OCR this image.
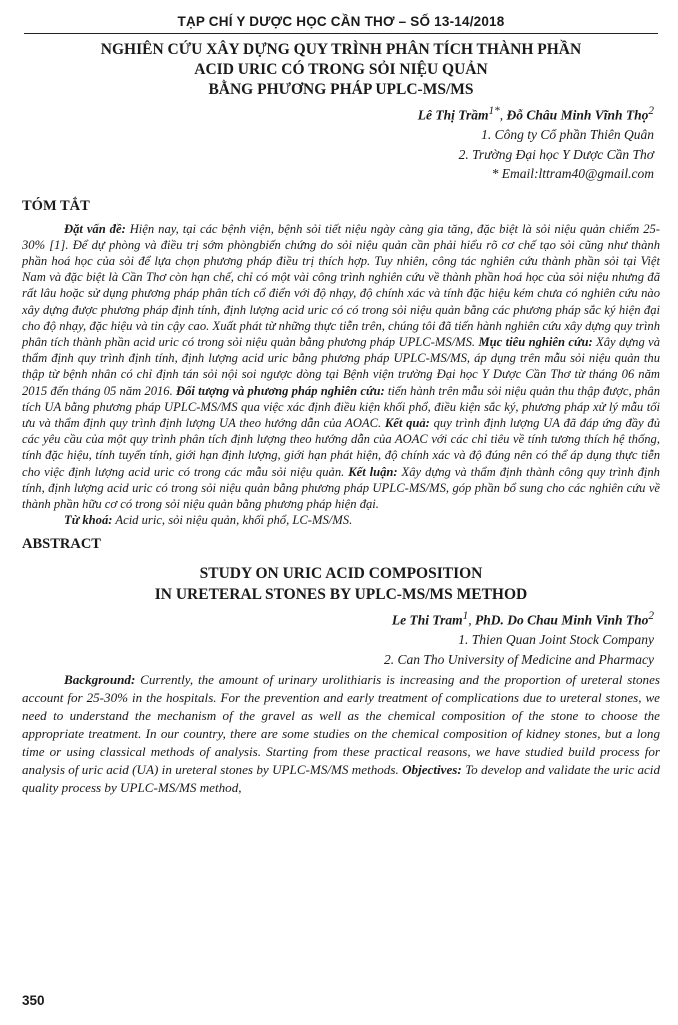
TẠP CHÍ Y DƯỢC HỌC CẦN THƠ – SỐ 13-14/2018
NGHIÊN CỨU XÂY DỰNG QUY TRÌNH PHÂN TÍCH THÀNH PHẦN
ACID URIC CÓ TRONG SỎI NIỆU QUẢN
BẰNG PHƯƠNG PHÁP UPLC-MS/MS
Lê Thị Trầm$^{1*}$, Đỗ Châu Minh Vĩnh Thọ$^2$
1. Công ty Cổ phần Thiên Quân
2. Trường Đại học Y Dược Cần Thơ
* Email:lttram40@gmail.com
TÓM TẮT
Đặt vấn đề: Hiện nay, tại các bệnh viện, bệnh sỏi tiết niệu ngày càng gia tăng, đặc biệt là sỏi niệu quản chiếm 25-30% [1]. Để dự phòng và điều trị sớm phòngbiến chứng do sỏi niệu quản cần phải hiểu rõ cơ chế tạo sỏi cũng như thành phần hoá học của sỏi để lựa chọn phương pháp điều trị thích hợp. Tuy nhiên, công tác nghiên cứu thành phần sỏi tại Việt Nam và đặc biệt là Cần Thơ còn hạn chế, chỉ có một vài công trình nghiên cứu về thành phần hoá học của sỏi niệu nhưng đã rất lâu hoặc sử dụng phương pháp phân tích cổ điển với độ nhạy, độ chính xác và tính đặc hiệu kém chưa có nghiên cứu nào xây dựng được phương pháp định tính, định lượng acid uric có có trong sỏi niệu quản bằng các phương pháp sắc ký hiện đại cho độ nhạy, đặc hiệu và tin cậy cao. Xuất phát từ những thực tiễn trên, chúng tôi đã tiến hành nghiên cứu xây dựng quy trình phân tích thành phần acid uric có trong sỏi niệu quản bằng phương pháp UPLC-MS/MS. Mục tiêu nghiên cứu: Xây dựng và thẩm định quy trình định tính, định lượng acid uric bằng phương pháp UPLC-MS/MS, áp dụng trên mẫu sỏi niệu quản thu thập từ bệnh nhân có chỉ định tán sỏi nội soi ngược dòng tại Bệnh viện trường Đại học Y Dược Cần Thơ từ tháng 06 năm 2015 đến tháng 05 năm 2016. Đối tượng và phương pháp nghiên cứu: tiến hành trên mẫu sỏi niệu quản thu thập được, phân tích UA bằng phương pháp UPLC-MS/MS qua việc xác định điều kiện khối phổ, điều kiện sắc ký, phương pháp xử lý mẫu tối ưu và thẩm định quy trình định lượng UA theo hướng dẫn của AOAC. Kết quả: quy trình định lượng UA đã đáp ứng đầy đủ các yêu cầu của một quy trình phân tích định lượng theo hướng dẫn của AOAC với các chỉ tiêu về tính tương thích hệ thống, tính đặc hiệu, tính tuyến tính, giới hạn định lượng, giới hạn phát hiện, độ chính xác và độ đúng nên có thể áp dụng thực tiễn cho việc định lượng acid uric có trong các mẫu sỏi niệu quản. Kết luận: Xây dựng và thẩm định thành công quy trình định tính, định lượng acid uric có trong sỏi niệu quản bằng phương pháp UPLC-MS/MS, góp phần bổ sung cho các nghiên cứu về thành phần hữu cơ có trong sỏi niệu quản bằng phương pháp hiện đại.
Từ khoá: Acid uric, sỏi niệu quản, khối phổ, LC-MS/MS.
ABSTRACT
STUDY ON URIC ACID COMPOSITION
IN URETERAL STONES BY UPLC-MS/MS METHOD
Le Thi Tram$^1$, PhD. Do Chau Minh Vinh Tho$^2$
1. Thien Quan Joint Stock Company
2. Can Tho University of Medicine and Pharmacy
Background: Currently, the amount of urinary urolithiaris is increasing and the proportion of ureteral stones account for 25-30% in the hospitals. For the prevention and early treatment of complications due to ureteral stones, we need to understand the mechanism of the gravel as well as the chemical composition of the stone to choose the appropriate treatment. In our country, there are some studies on the chemical composition of kidney stones, but a long time or using classical methods of analysis. Starting from these practical reasons, we have studied build process for analysis of uric acid (UA) in ureteral stones by UPLC-MS/MS methods. Objectives: To develop and validate the uric acid quality process by UPLC-MS/MS method,
350
